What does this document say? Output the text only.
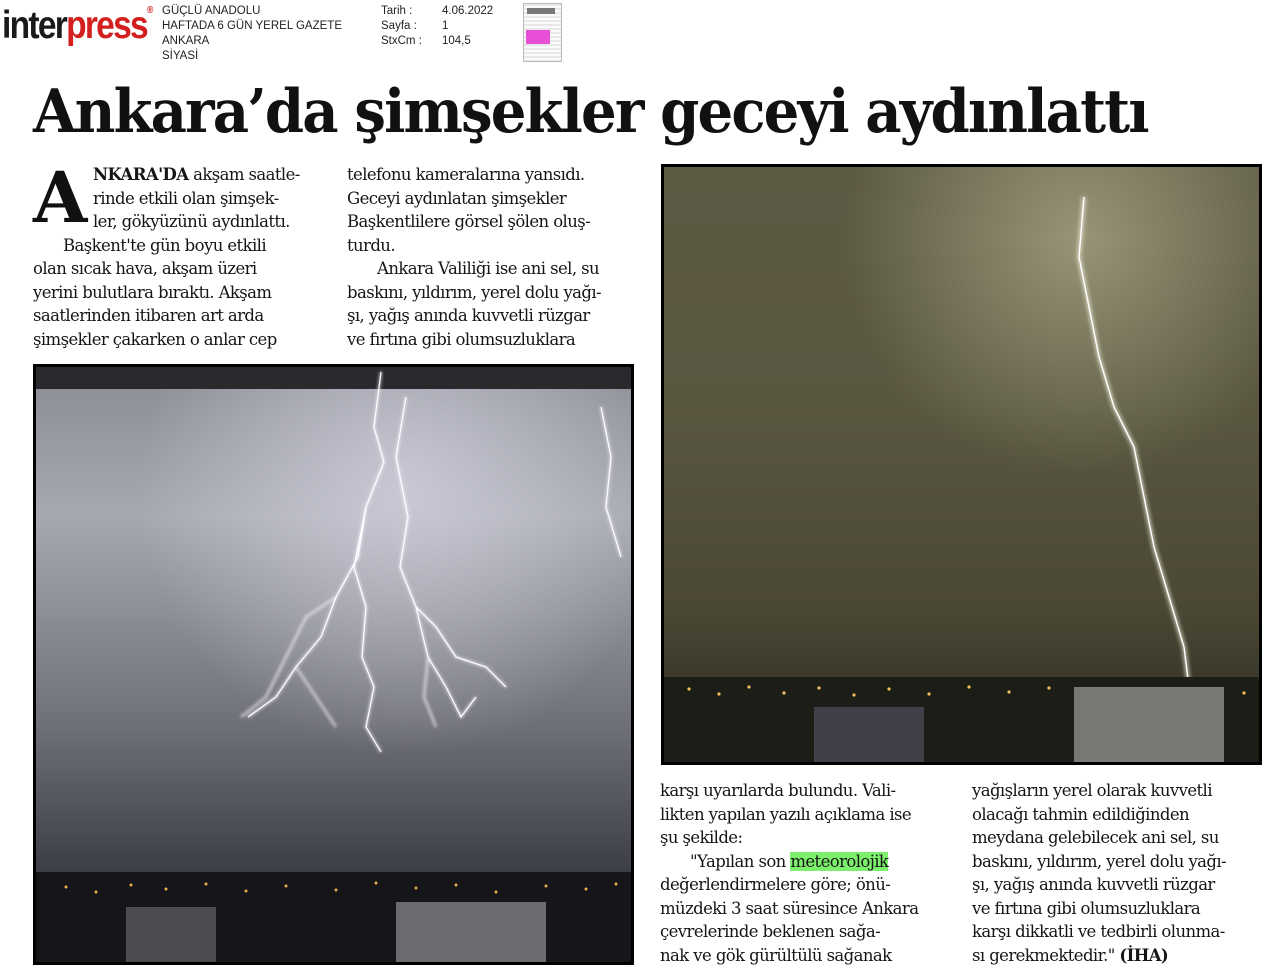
interpress® GÜÇLÜ ANADOLU
HAFTADA 6 GÜN YEREL GAZETE
ANKARA
SİYASİ
Tarih :
Sayfa :
StxCm :
4.06.2022
1
104,5
Ankara’da şimşekler geceyi aydınlattı
A NKARA'DA akşam saatle-

rinde etkili olan şimşek-

ler, gökyüzünü aydınlattı.

Başkent'te gün boyu etkili

olan sıcak hava, akşam üzeri

yerini bulutlara bıraktı. Akşam

saatlerinden itibaren art arda

şimşekler çakarken o anlar cep

telefonu kameralarına yansıdı.

Geceyi aydınlatan şimşekler

Başkentlilere görsel şölen oluş-

turdu.

Ankara Valiliği ise ani sel, su

baskını, yıldırım, yerel dolu yağı-

şı, yağış anında kuvvetli rüzgar

ve fırtına gibi olumsuzluklara

karşı uyarılarda bulundu. Vali-

likten yapılan yazılı açıklama ise

şu şekilde:

"Yapılan son meteorolojik

değerlendirmelere göre; önü-

müzdeki 3 saat süresince Ankara

çevrelerinde beklenen sağa-

nak ve gök gürültülü sağanak

yağışların yerel olarak kuvvetli

olacağı tahmin edildiğinden

meydana gelebilecek ani sel, su

baskını, yıldırım, yerel dolu yağı-

şı, yağış anında kuvvetli rüzgar

ve fırtına gibi olumsuzluklara

karşı dikkatli ve tedbirli olunma-

sı gerekmektedir." (İHA)
